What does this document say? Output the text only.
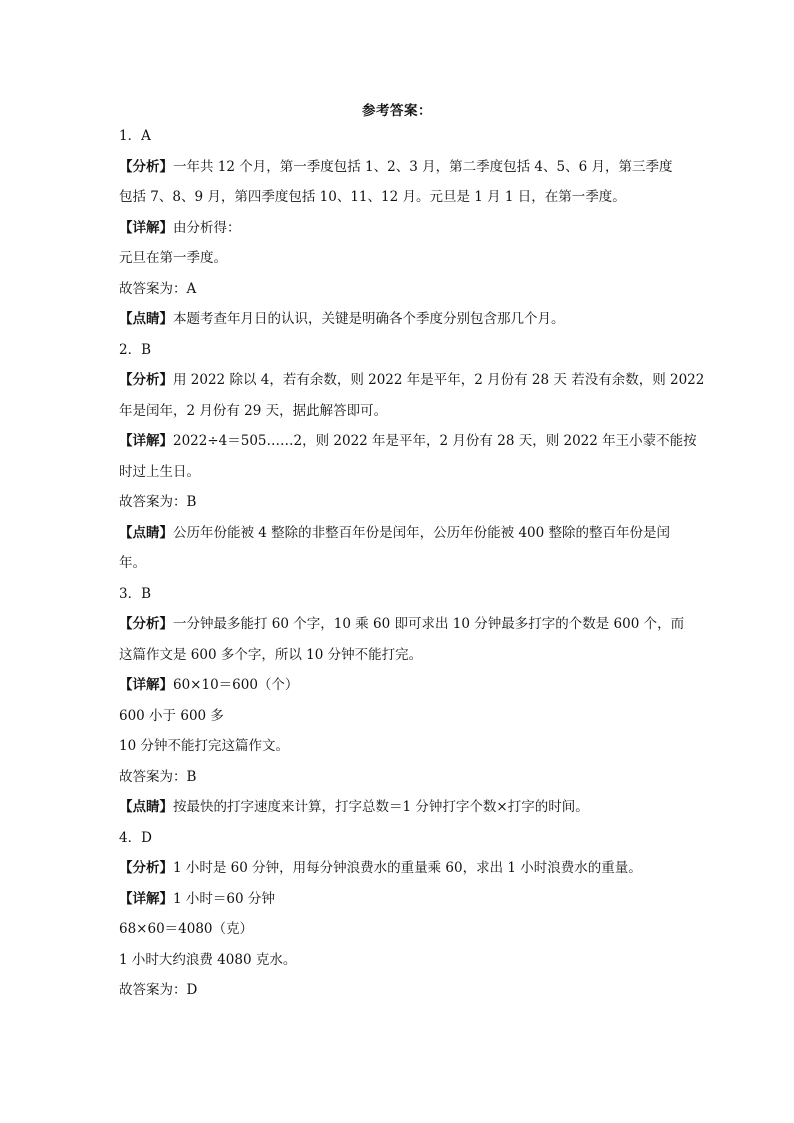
参考答案：
1．A
【分析】一年共 12 个月，第一季度包括 1、2、3 月，第二季度包括 4、5、6 月，第三季度
包括 7、8、9 月，第四季度包括 10、11、12 月。元旦是 1 月 1 日，在第一季度。
【详解】由分析得：
元旦在第一季度。
故答案为：A
【点睛】本题考查年月日的认识，关键是明确各个季度分别包含那几个月。
2．B
【分析】用 2022 除以 4，若有余数，则 2022 年是平年，2 月份有 28 天 若没有余数，则 2022
年是闰年，2 月份有 29 天，据此解答即可。
【详解】2022÷4＝505……2，则 2022 年是平年，2 月份有 28 天，则 2022 年王小蒙不能按
时过上生日。
故答案为：B
【点睛】公历年份能被 4 整除的非整百年份是闰年，公历年份能被 400 整除的整百年份是闰
年。
3．B
【分析】一分钟最多能打 60 个字，10 乘 60 即可求出 10 分钟最多打字的个数是 600 个，而
这篇作文是 600 多个字，所以 10 分钟不能打完。
【详解】60×10＝600（个）
600 小于 600 多
10 分钟不能打完这篇作文。
故答案为：B
【点睛】按最快的打字速度来计算，打字总数＝1 分钟打字个数×打字的时间。
4．D
【分析】1 小时是 60 分钟，用每分钟浪费水的重量乘 60，求出 1 小时浪费水的重量。
【详解】1 小时＝60 分钟
68×60＝4080（克）
1 小时大约浪费 4080 克水。
故答案为：D
